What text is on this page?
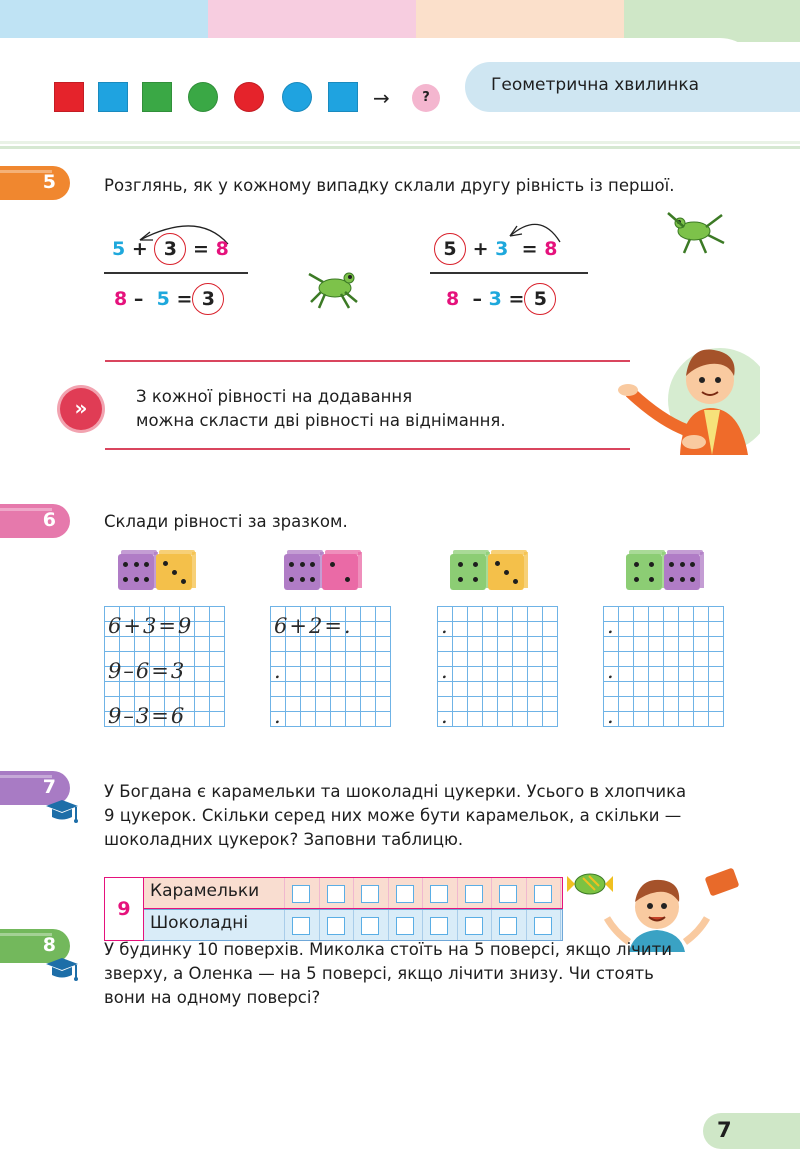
→	?
Геометрична хвилинка
5	Розглянь, як у кожному випадку склали другу рівність із першої.
5 + 3 = 8
8 – 5 = 3
5 + 3 = 8
8 – 3 = 5
»	З кожної рівності на додавання
можна скласти дві рівності на віднімання.
6	Склади рівності за зразком.
6+3=9
9–6=3
9–3=6
6+2=.
.
.
.
.
.
.
.
.
7	У Богдана є карамельки та шоколадні цукерки. Усього в хлопчика
9 цукерок. Скільки серед них може бути карамельок, а скільки —
шоколадних цукерок? Заповни таблицю.
9
Карамельки
Шоколадні
8	У будинку 10 поверхів. Миколка стоїть на 5 поверсі, якщо лічити
зверху, а Оленка — на 5 поверсі, якщо лічити знизу. Чи стоять
вони на одному поверсі?
7
